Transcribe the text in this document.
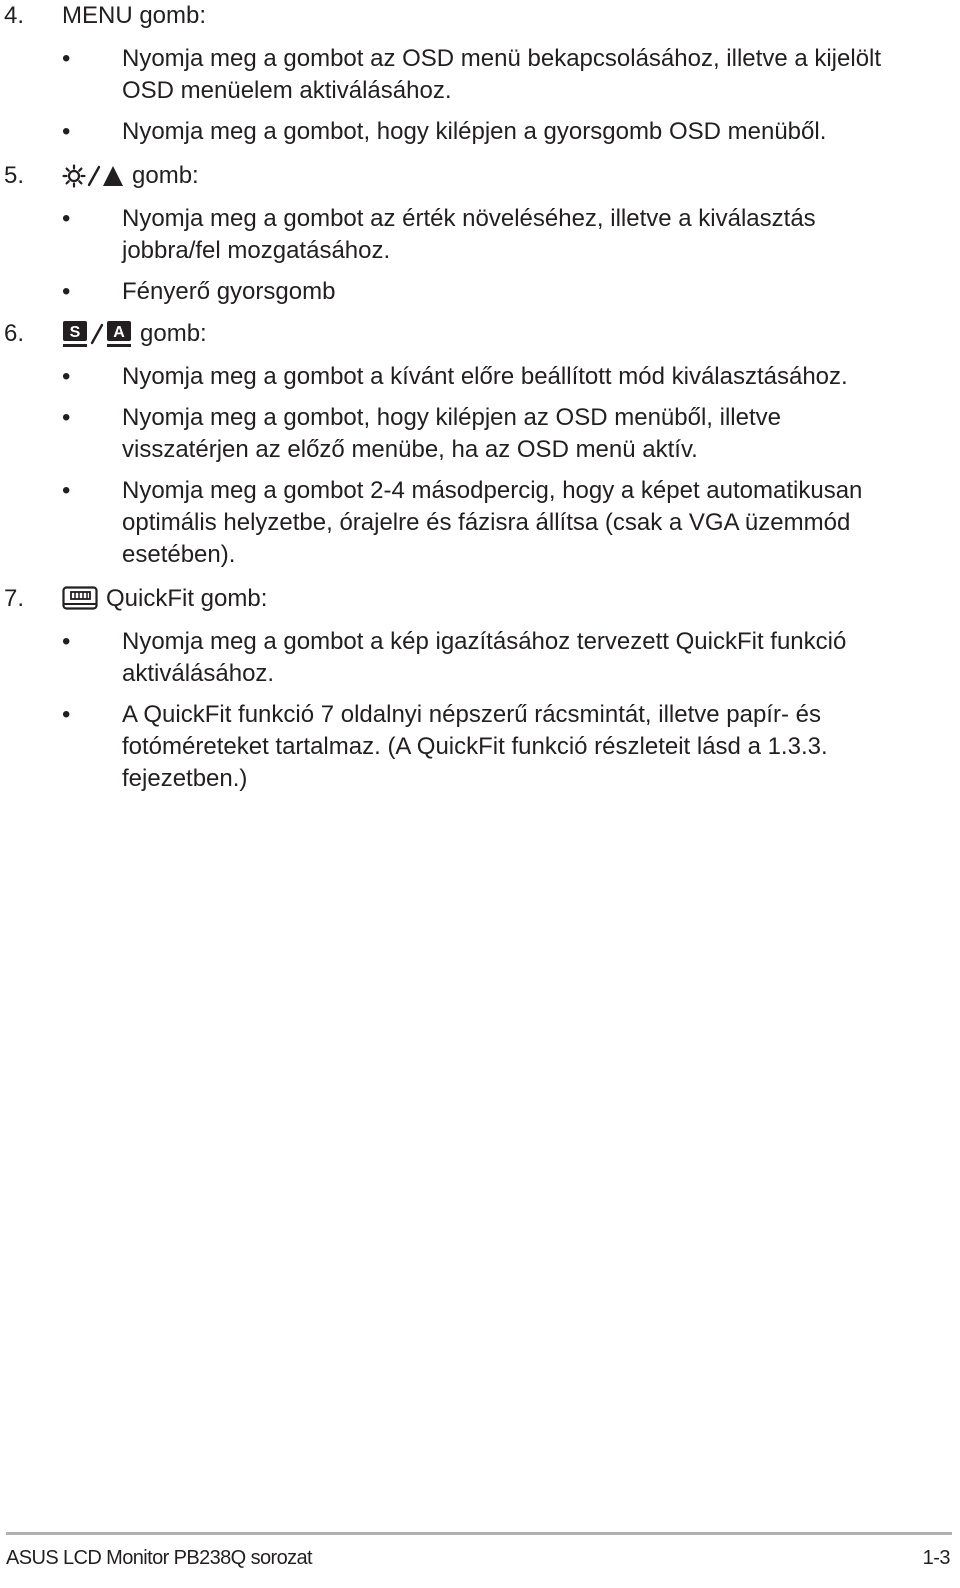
4. MENU gomb:
• Nyomja meg a gombot az OSD menü bekapcsolásához, illetve a kijelölt OSD menüelem aktiválásához.
• Nyomja meg a gombot, hogy kilépjen a gyorsgomb OSD menüből.
5.	gomb:
• Nyomja meg a gombot az érték növeléséhez, illetve a kiválasztás jobbra/fel mozgatásához.
• Fényerő gyorsgomb
6.	S A gomb:
• Nyomja meg a gombot a kívánt előre beállított mód kiválasztásához.
• Nyomja meg a gombot, hogy kilépjen az OSD menüből, illetve visszatérjen az előző menübe, ha az OSD menü aktív.
• Nyomja meg a gombot 2-4 másodpercig, hogy a képet automatikusan optimális helyzetbe, órajelre és fázisra állítsa (csak a VGA üzemmód esetében).
7.	QuickFit gomb:
• Nyomja meg a gombot a kép igazításához tervezett QuickFit funkció aktiválásához.
• A QuickFit funkció 7 oldalnyi népszerű rácsmintát, illetve papír- és fotóméreteket tartalmaz. (A QuickFit funkció részleteit lásd a 1.3.3. fejezetben.)
ASUS LCD Monitor PB238Q sorozat	1-3
